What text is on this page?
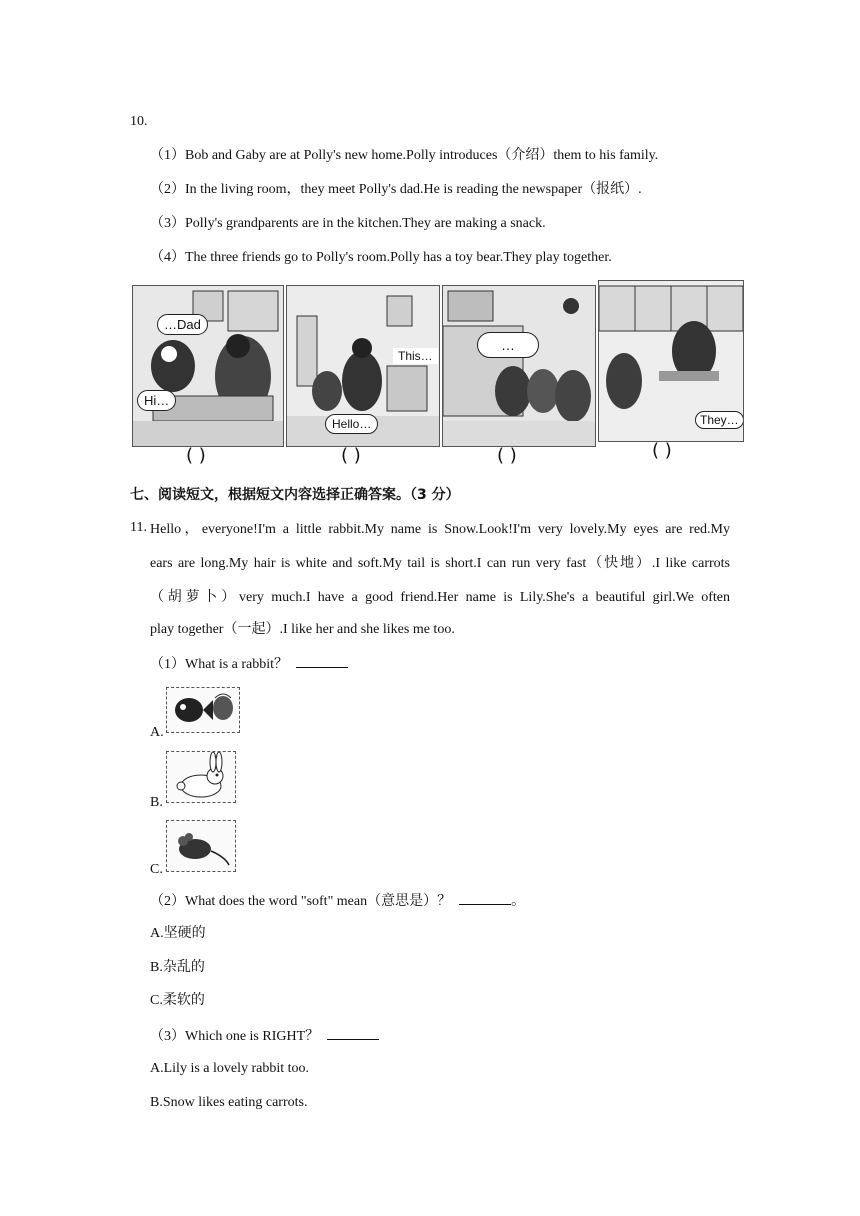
10.
（1）Bob and Gaby are at Polly's new home.Polly introduces（介绍）them to his family.
（2）In the living room，they meet Polly's dad.He is reading the newspaper（报纸）.
（3）Polly's grandparents are in the kitchen.They are making a snack.
（4）The three friends go to Polly's room.Polly has a toy bear.They play together.
…Dad
Hi…
This…
Hello…
…
They…
( )	( )	( )	( )
七、阅读短文，根据短文内容选择正确答案。（3 分）
11. Hello，everyone!I'm a little rabbit.My name is Snow.Look!I'm very lovely.My eyes are red.My
ears are long.My hair is white and soft.My tail is short.I can run very fast（快地）.I like carrots
（胡萝卜）very much.I have a good friend.Her name is Lily.She's a beautiful girl.We often
play together（一起）.I like her and she likes me too.
（1）What is a rabbit？
A.
B.
C.
（2）What does the word "soft" mean（意思是）？	。
A.坚硬的
B.杂乱的
C.柔软的
（3）Which one is RIGHT？
A.Lily is a lovely rabbit too.
B.Snow likes eating carrots.
